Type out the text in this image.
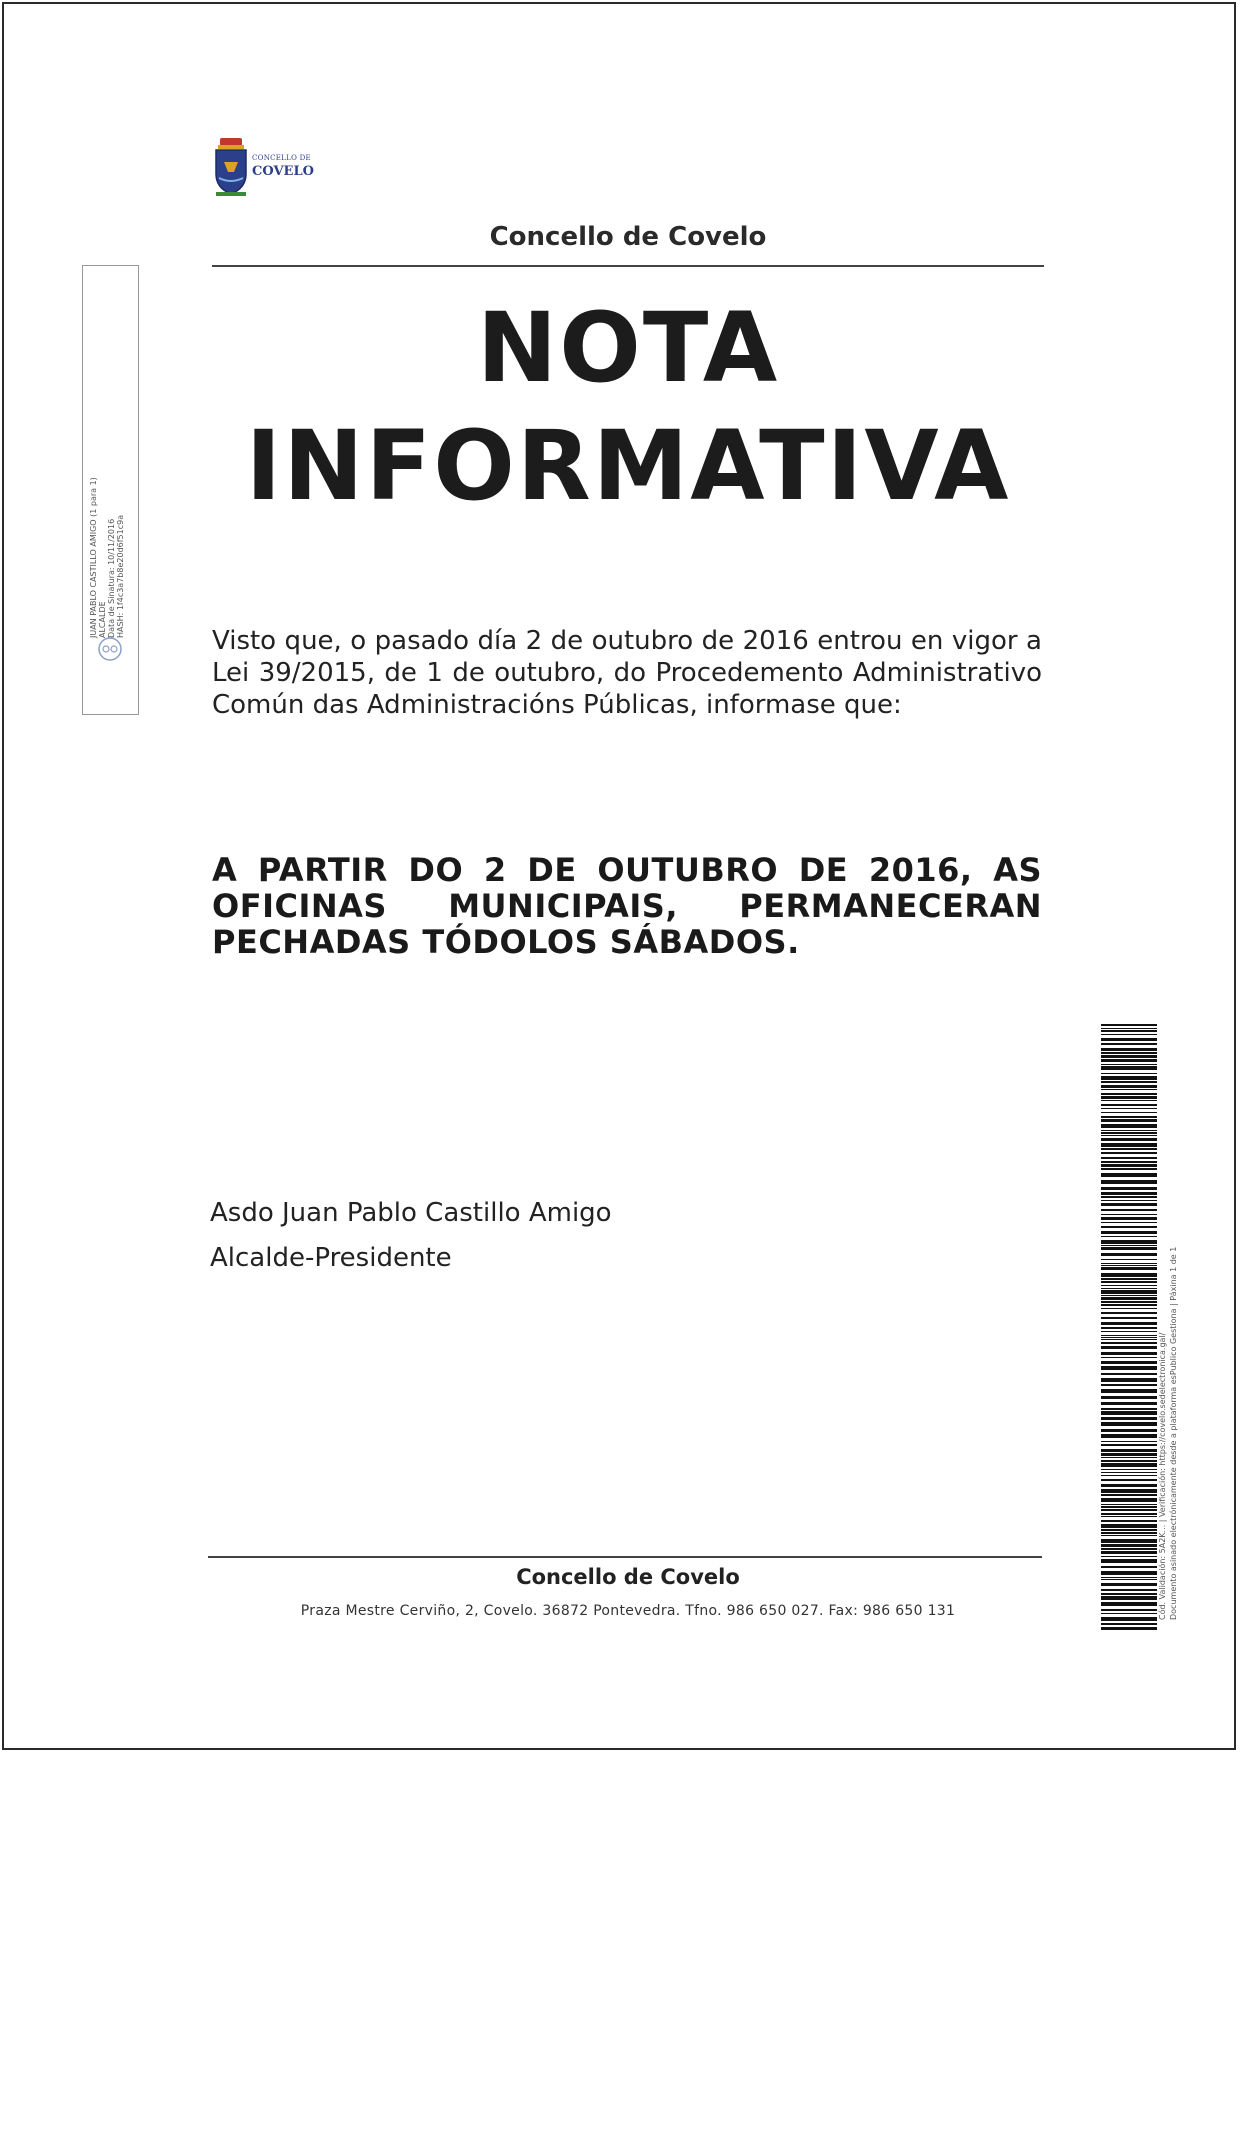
CONCELLO DE
COVELO
Concello de Covelo
NOTA
INFORMATIVA
Visto que, o pasado día 2 de outubro de 2016 entrou en vigor a Lei 39/2015, de 1 de outubro, do Procedemento Administrativo Común das Administracións Públicas, informase que:
A PARTIR DO 2 DE OUTUBRO DE 2016, AS OFICINAS MUNICIPAIS, PERMANECERAN PECHADAS TÓDOLOS SÁBADOS.
Asdo Juan Pablo Castillo Amigo
Alcalde-Presidente
Concello de Covelo
Praza Mestre Cerviño, 2, Covelo. 36872 Pontevedra. Tfno. 986 650 027. Fax: 986 650 131
JUAN PABLO CASTILLO AMIGO (1 para 1) ALCALDE Data de Sinatura: 10/11/2016 HASH: 1f4c3a7b8e20d6f51c9a
Cód. Validación: 5A2K... | Verificación: https://covelo.sedelectronica.gal/ Documento asinado electrónicamente desde a plataforma esPublico Gestiona | Páxina 1 de 1
